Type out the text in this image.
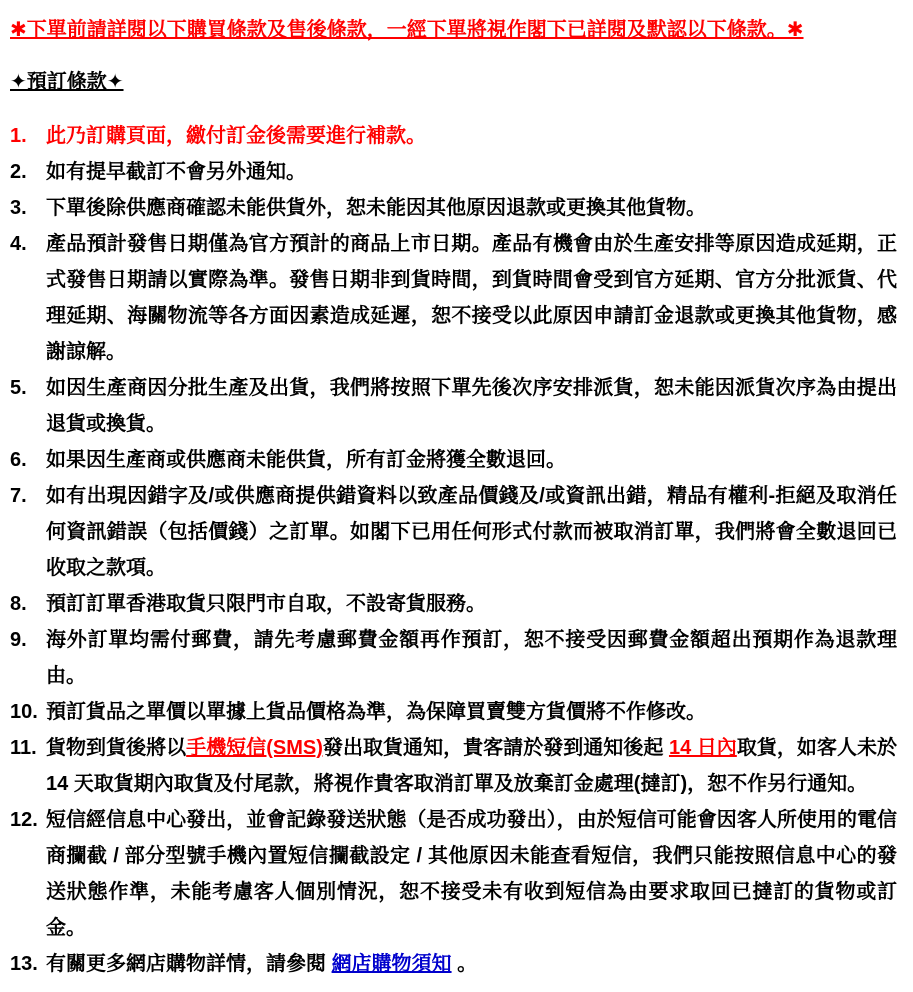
✱下單前請詳閱以下購買條款及售後條款，一經下單將視作閣下已詳閱及默認以下條款。✱
✦預訂條款✦
1. 此乃訂購頁面，繳付訂金後需要進行補款。
2. 如有提早截訂不會另外通知。
3. 下單後除供應商確認未能供貨外，恕未能因其他原因退款或更換其他貨物。
4. 產品預計發售日期僅為官方預計的商品上市日期。產品有機會由於生產安排等原因造成延期，正式發售日期請以實際為準。發售日期非到貨時間，到貨時間會受到官方延期、官方分批派貨、代理延期、海關物流等各方面因素造成延遲，恕不接受以此原因申請訂金退款或更換其他貨物，感謝諒解。
5. 如因生產商因分批生產及出貨，我們將按照下單先後次序安排派貨，恕未能因派貨次序為由提出退貨或換貨。
6. 如果因生產商或供應商未能供貨，所有訂金將獲全數退回。
7. 如有出現因錯字及/或供應商提供錯資料以致產品價錢及/或資訊出錯，精品有權利-拒絕及取消任何資訊錯誤（包括價錢）之訂單。如閣下已用任何形式付款而被取消訂單，我們將會全數退回已收取之款項。
8. 預訂訂單香港取貨只限門市自取，不設寄貨服務。
9. 海外訂單均需付郵費，請先考慮郵費金額再作預訂，恕不接受因郵費金額超出預期作為退款理由。
10. 預訂貨品之單價以單據上貨品價格為準，為保障買賣雙方貨價將不作修改。
11. 貨物到貨後將以手機短信(SMS)發出取貨通知，貴客請於發到通知後起 14 日內取貨，如客人未於 14 天取貨期內取貨及付尾款，將視作貴客取消訂單及放棄訂金處理(撻訂)，恕不作另行通知。
12. 短信經信息中心發出，並會記錄發送狀態（是否成功發出），由於短信可能會因客人所使用的電信商攔截 / 部分型號手機內置短信攔截設定 / 其他原因未能查看短信，我們只能按照信息中心的發送狀態作準，未能考慮客人個別情況，恕不接受未有收到短信為由要求取回已撻訂的貨物或訂金。
13. 有關更多網店購物詳情，請參閱 網店購物須知 。
